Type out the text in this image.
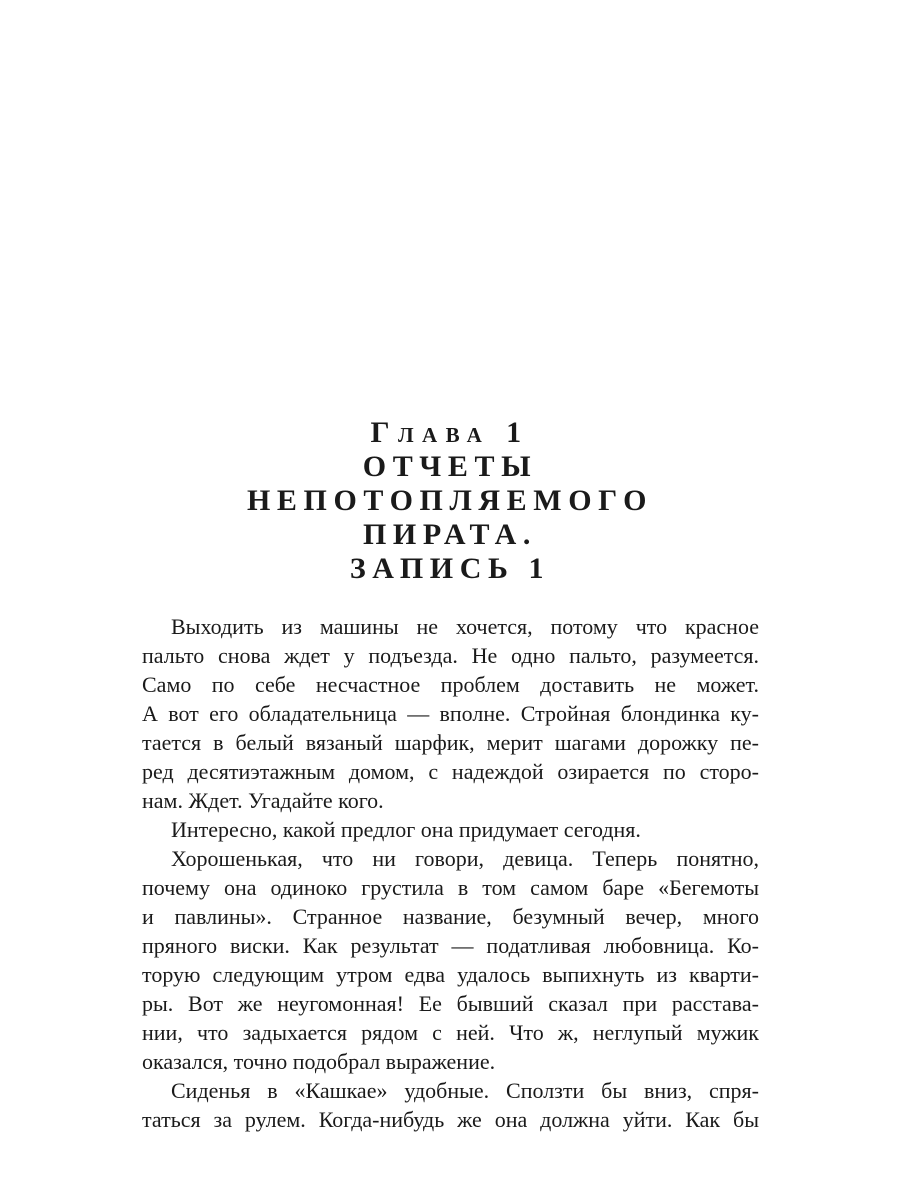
Глава 1
ОТЧЕТЫ
НЕПОТОПЛЯЕМОГО
ПИРАТА.
ЗАПИСЬ 1
Выходить из машины не хочется, потому что красное
пальто снова ждет у подъезда. Не одно пальто, разумеется.
Само по себе несчастное проблем доставить не может.
А вот его обладательница — вполне. Стройная блондинка ку-
тается в белый вязаный шарфик, мерит шагами дорожку пе-
ред десятиэтажным домом, с надеждой озирается по сторо-
нам. Ждет. Угадайте кого.
Интересно, какой предлог она придумает сегодня.
Хорошенькая, что ни говори, девица. Теперь понятно,
почему она одиноко грустила в том самом баре «Бегемоты
и павлины». Странное название, безумный вечер, много
пряного виски. Как результат — податливая любовница. Ко-
торую следующим утром едва удалось выпихнуть из кварти-
ры. Вот же неугомонная! Ее бывший сказал при расстава-
нии, что задыхается рядом с ней. Что ж, неглупый мужик
оказался, точно подобрал выражение.
Сиденья в «Кашкае» удобные. Сползти бы вниз, спря-
таться за рулем. Когда-нибудь же она должна уйти. Как бы
